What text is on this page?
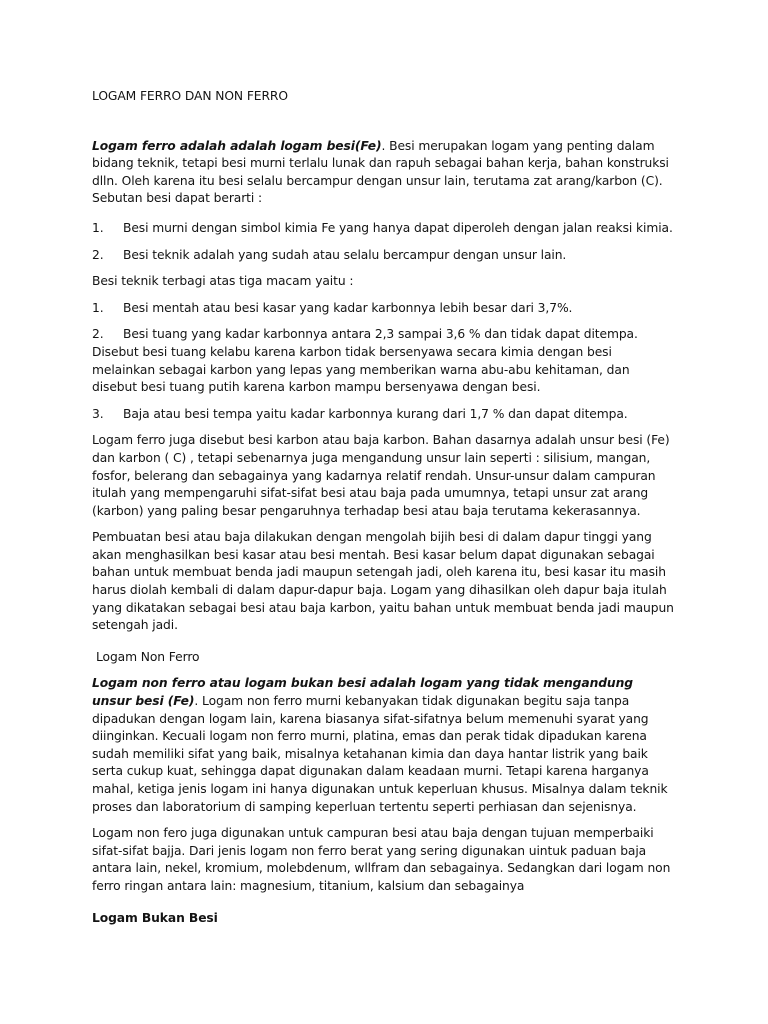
LOGAM FERRO DAN NON FERRO

Logam ferro adalah adalah logam besi(Fe). Besi merupakan logam yang penting dalam bidang teknik, tetapi besi murni terlalu lunak dan rapuh sebagai bahan kerja, bahan konstruksi dlln. Oleh karena itu besi selalu bercampur dengan unsur lain, terutama zat arang/karbon (C). Sebutan besi dapat berarti :

1.	Besi murni dengan simbol kimia Fe yang hanya dapat diperoleh dengan jalan reaksi kimia.
2.	Besi teknik adalah yang sudah atau selalu bercampur dengan unsur lain.

Besi teknik terbagi atas tiga macam yaitu :

1.	Besi mentah atau besi kasar yang kadar karbonnya lebih besar dari 3,7%.

2. Besi tuang yang kadar karbonnya antara 2,3 sampai 3,6 % dan tidak dapat ditempa. Disebut besi tuang kelabu karena karbon tidak bersenyawa secara kimia dengan besi melainkan sebagai karbon yang lepas yang memberikan warna abu-abu kehitaman, dan disebut besi tuang putih karena karbon mampu bersenyawa dengan besi.

3.	Baja atau besi tempa yaitu kadar karbonnya kurang dari 1,7 % dan dapat ditempa.

Logam ferro juga disebut besi karbon atau baja karbon. Bahan dasarnya adalah unsur besi (Fe) dan karbon ( C) , tetapi sebenarnya juga mengandung unsur lain seperti : silisium, mangan, fosfor, belerang dan sebagainya yang kadarnya relatif rendah. Unsur-unsur dalam campuran itulah yang mempengaruhi sifat-sifat besi atau baja pada umumnya, tetapi unsur zat arang (karbon) yang paling besar pengaruhnya terhadap besi atau baja terutama kekerasannya.

Pembuatan besi atau baja dilakukan dengan mengolah bijih besi di dalam dapur tinggi yang akan menghasilkan besi kasar atau besi mentah. Besi kasar belum dapat digunakan sebagai bahan untuk membuat benda jadi maupun setengah jadi, oleh karena itu, besi kasar itu masih harus diolah kembali di dalam dapur-dapur baja. Logam yang dihasilkan oleh dapur baja itulah yang dikatakan sebagai besi atau baja karbon, yaitu bahan untuk membuat benda jadi maupun setengah jadi.

Logam Non Ferro

Logam non ferro atau logam bukan besi adalah logam yang tidak mengandung unsur besi (Fe). Logam non ferro murni kebanyakan tidak digunakan begitu saja tanpa dipadukan dengan logam lain, karena biasanya sifat-sifatnya belum memenuhi syarat yang diinginkan. Kecuali logam non ferro murni, platina, emas dan perak tidak dipadukan karena sudah memiliki sifat yang baik, misalnya ketahanan kimia dan daya hantar listrik yang baik serta cukup kuat, sehingga dapat digunakan dalam keadaan murni. Tetapi karena harganya mahal, ketiga jenis logam ini hanya digunakan untuk keperluan khusus. Misalnya dalam teknik proses dan laboratorium di samping keperluan tertentu seperti perhiasan dan sejenisnya.

Logam non fero juga digunakan untuk campuran besi atau baja dengan tujuan memperbaiki sifat-sifat bajja. Dari jenis logam non ferro berat yang sering digunakan uintuk paduan baja antara lain, nekel, kromium, molebdenum, wllfram dan sebagainya. Sedangkan dari logam non ferro ringan antara lain: magnesium, titanium, kalsium dan sebagainya

Logam Bukan Besi
